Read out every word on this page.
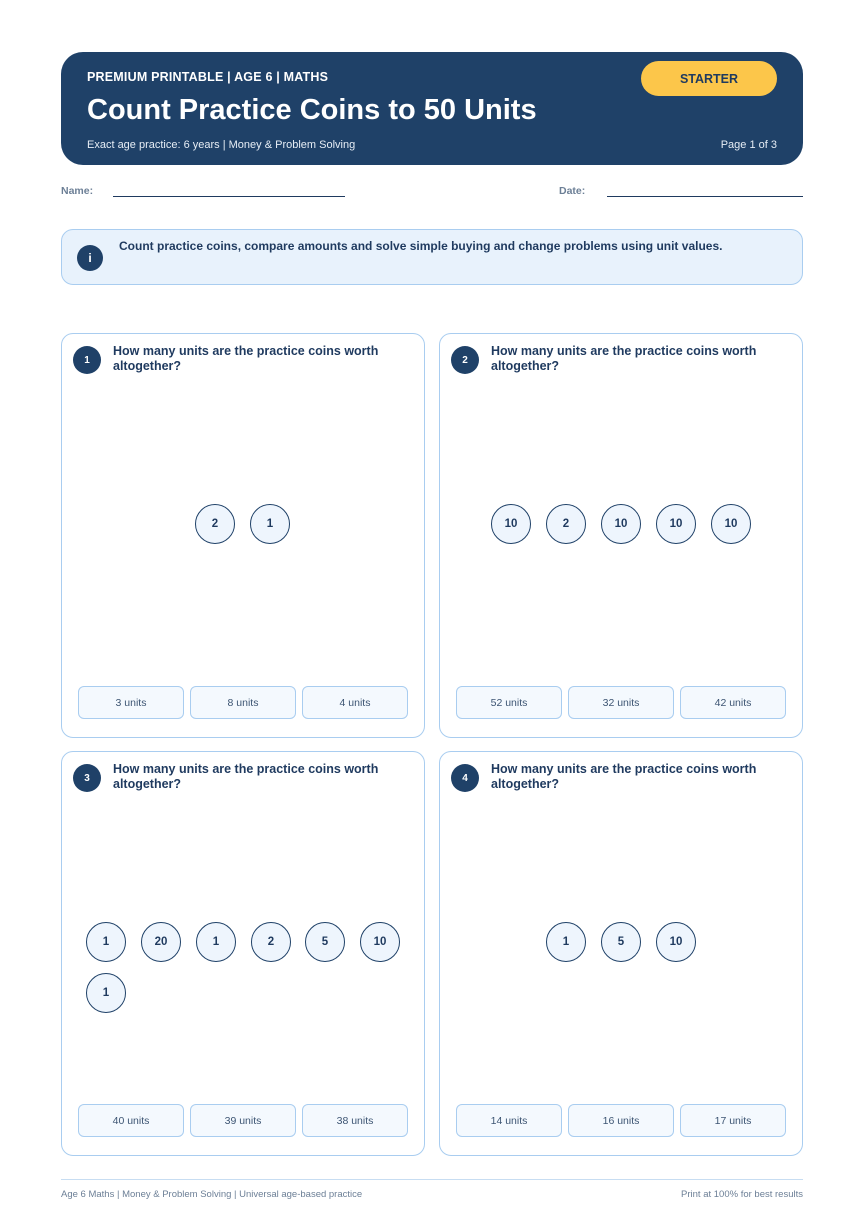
PREMIUM PRINTABLE | AGE 6 | MATHS
Count Practice Coins to 50 Units
Exact age practice: 6 years | Money & Problem Solving	Page 1 of 3
STARTER
Name:	Date:
i
Count practice coins, compare amounts and solve simple buying and change problems using unit values.
1
How many units are the practice coins worth altogether?
2	1
3 units	8 units	4 units
2
How many units are the practice coins worth altogether?
10	2	10	10	10
52 units	32 units	42 units
3
How many units are the practice coins worth altogether?
1	20	1	2	5	10
1
40 units	39 units	38 units
4
How many units are the practice coins worth altogether?
1	5	10
14 units	16 units	17 units
Age 6 Maths | Money & Problem Solving | Universal age-based practice	Print at 100% for best results
